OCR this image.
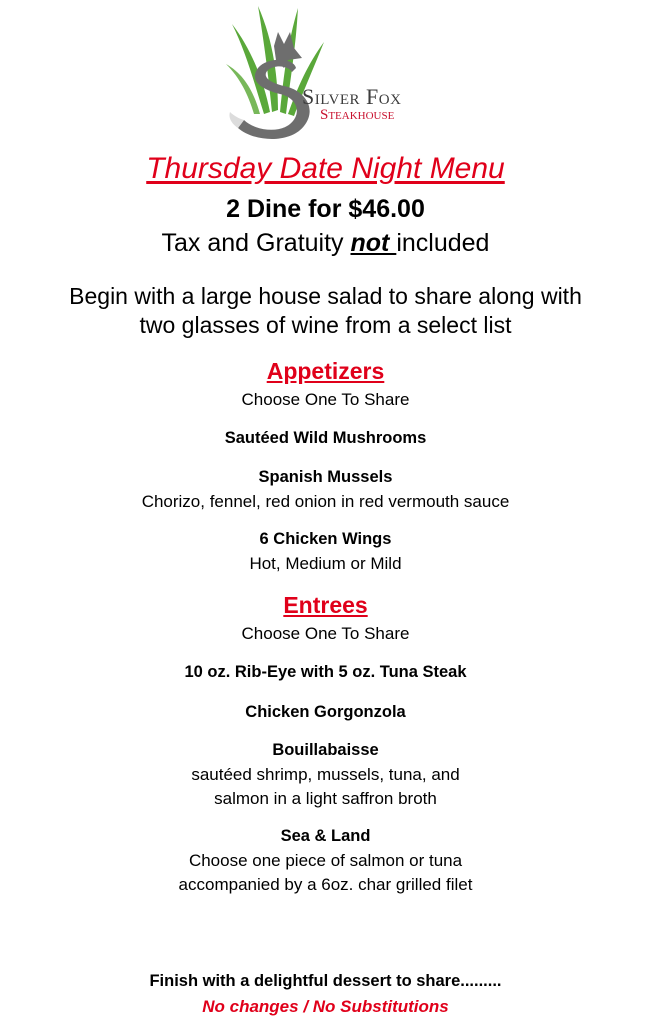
Silver Fox
Steakhouse
Thursday Date Night Menu
2 Dine for $46.00
Tax and Gratuity not included
Begin with a large house salad to share along with
two glasses of wine from a select list
Appetizers
Choose One To Share
Sautéed Wild Mushrooms
Spanish Mussels
Chorizo, fennel, red onion in red vermouth sauce
6 Chicken Wings
Hot, Medium or Mild
Entrees
Choose One To Share
10 oz. Rib-Eye with 5 oz. Tuna Steak
Chicken Gorgonzola
Bouillabaisse
sautéed shrimp, mussels, tuna, and
salmon in a light saffron broth
Sea & Land
Choose one piece of salmon or tuna
accompanied by a 6oz. char grilled filet
Finish with a delightful dessert to share.........
No changes / No Substitutions
